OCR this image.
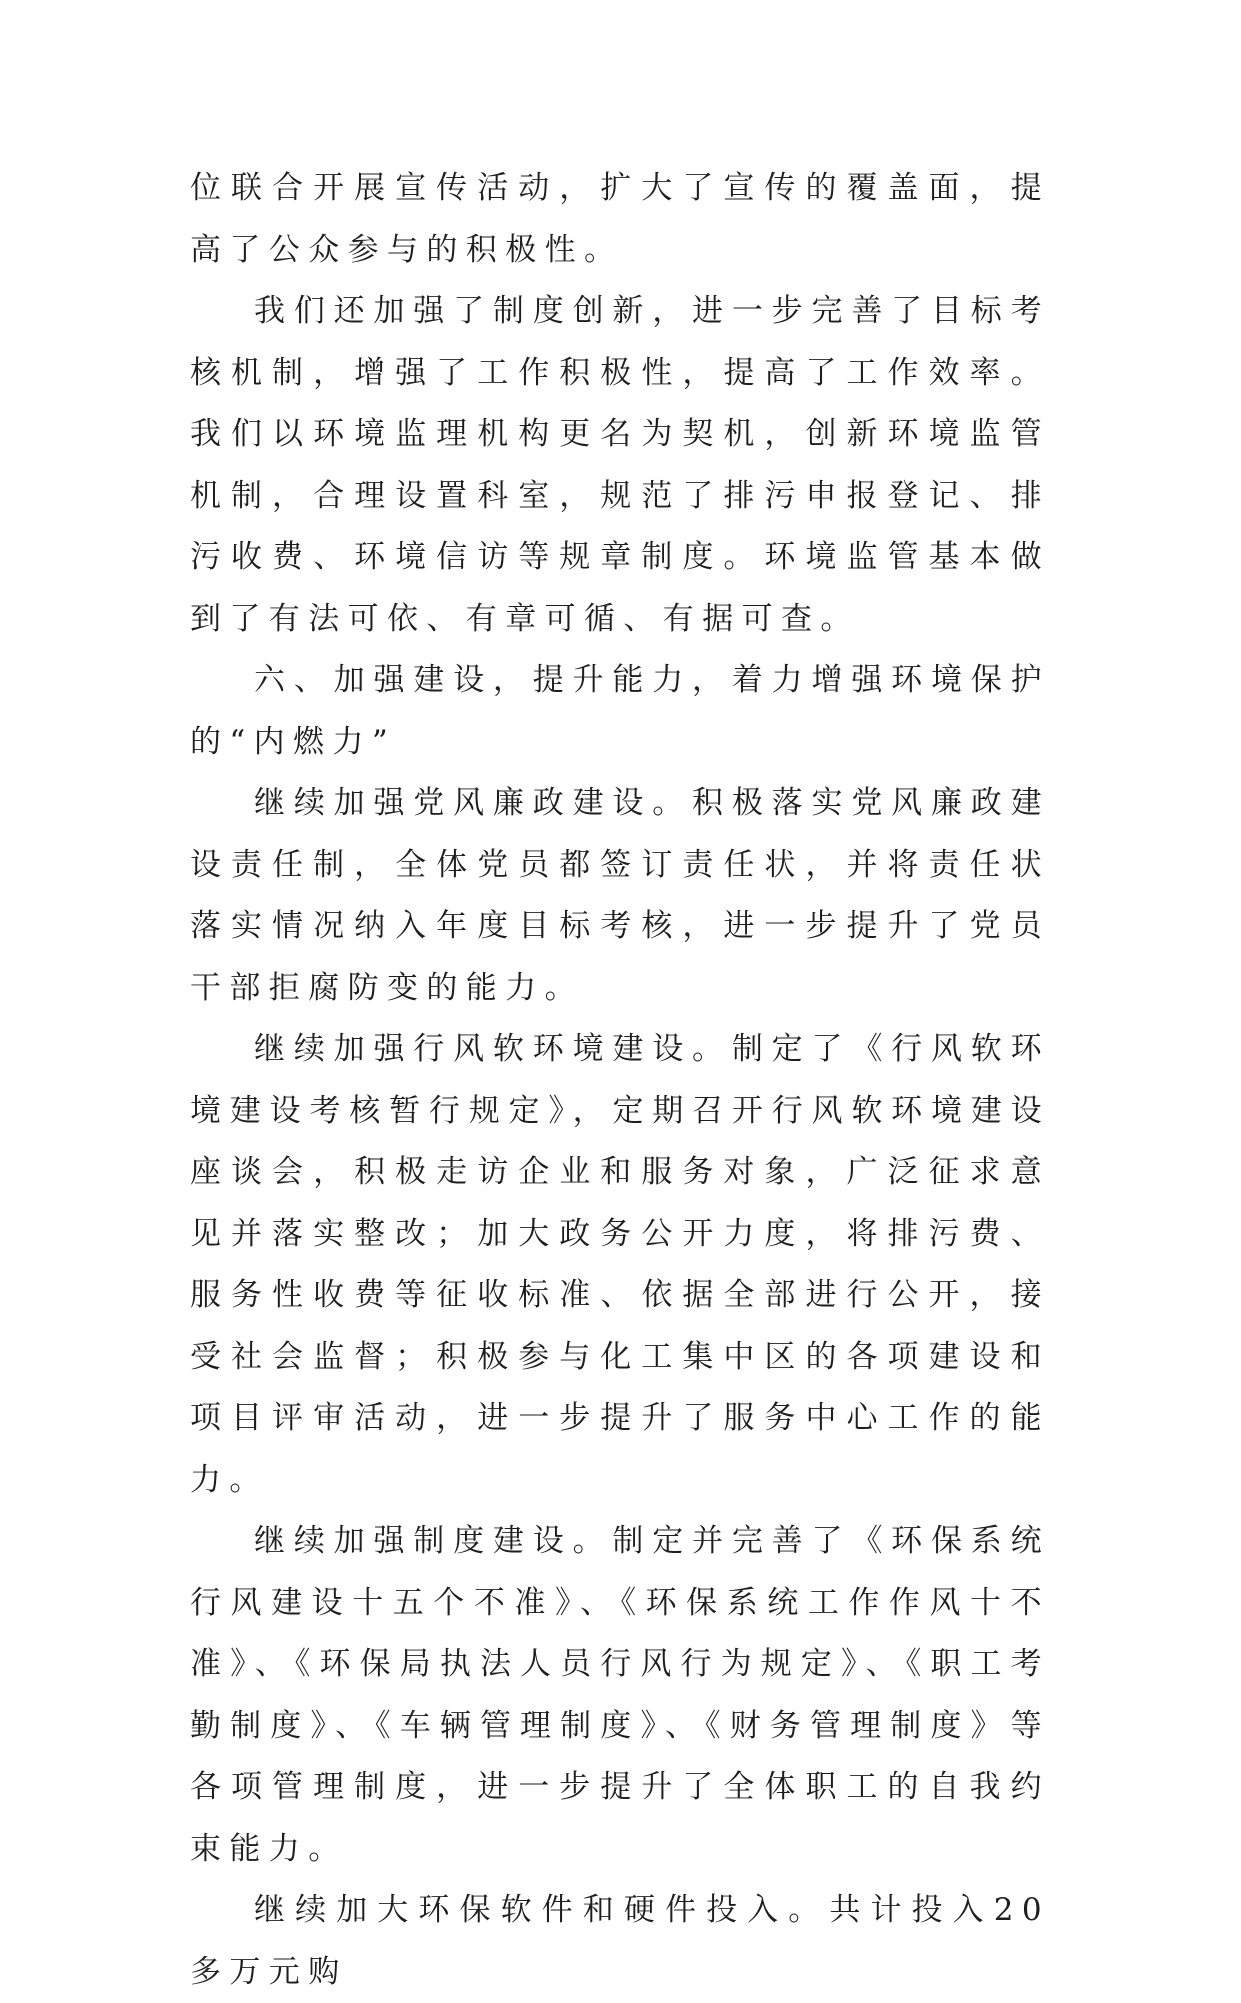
位联合开展宣传活动，扩大了宣传的覆盖面，提高了公众参与的积极性。

我们还加强了制度创新，进一步完善了目标考核机制，增强了工作积极性，提高了工作效率。我们以环境监理机构更名为契机，创新环境监管机制，合理设置科室，规范了排污申报登记、排污收费、环境信访等规章制度。环境监管基本做到了有法可依、有章可循、有据可查。

六、加强建设，提升能力，着力增强环境保护的“内燃力”

继续加强党风廉政建设。积极落实党风廉政建设责任制，全体党员都签订责任状，并将责任状落实情况纳入年度目标考核，进一步提升了党员干部拒腐防变的能力。

继续加强行风软环境建设。制定了《行风软环境建设考核暂行规定》，定期召开行风软环境建设座谈会，积极走访企业和服务对象，广泛征求意见并落实整改；加大政务公开力度，将排污费、服务性收费等征收标准、依据全部进行公开，接受社会监督；积极参与化工集中区的各项建设和项目评审活动，进一步提升了服务中心工作的能力。

继续加强制度建设。制定并完善了《环保系统行风建设十五个不准》、《环保系统工作作风十不准》、《环保局执法人员行风行为规定》、《职工考勤制度》、《车辆管理制度》、《财务管理制度》等各项管理制度，进一步提升了全体职工的自我约束能力。

继续加大环保软件和硬件投入。共计投入20多万元购
